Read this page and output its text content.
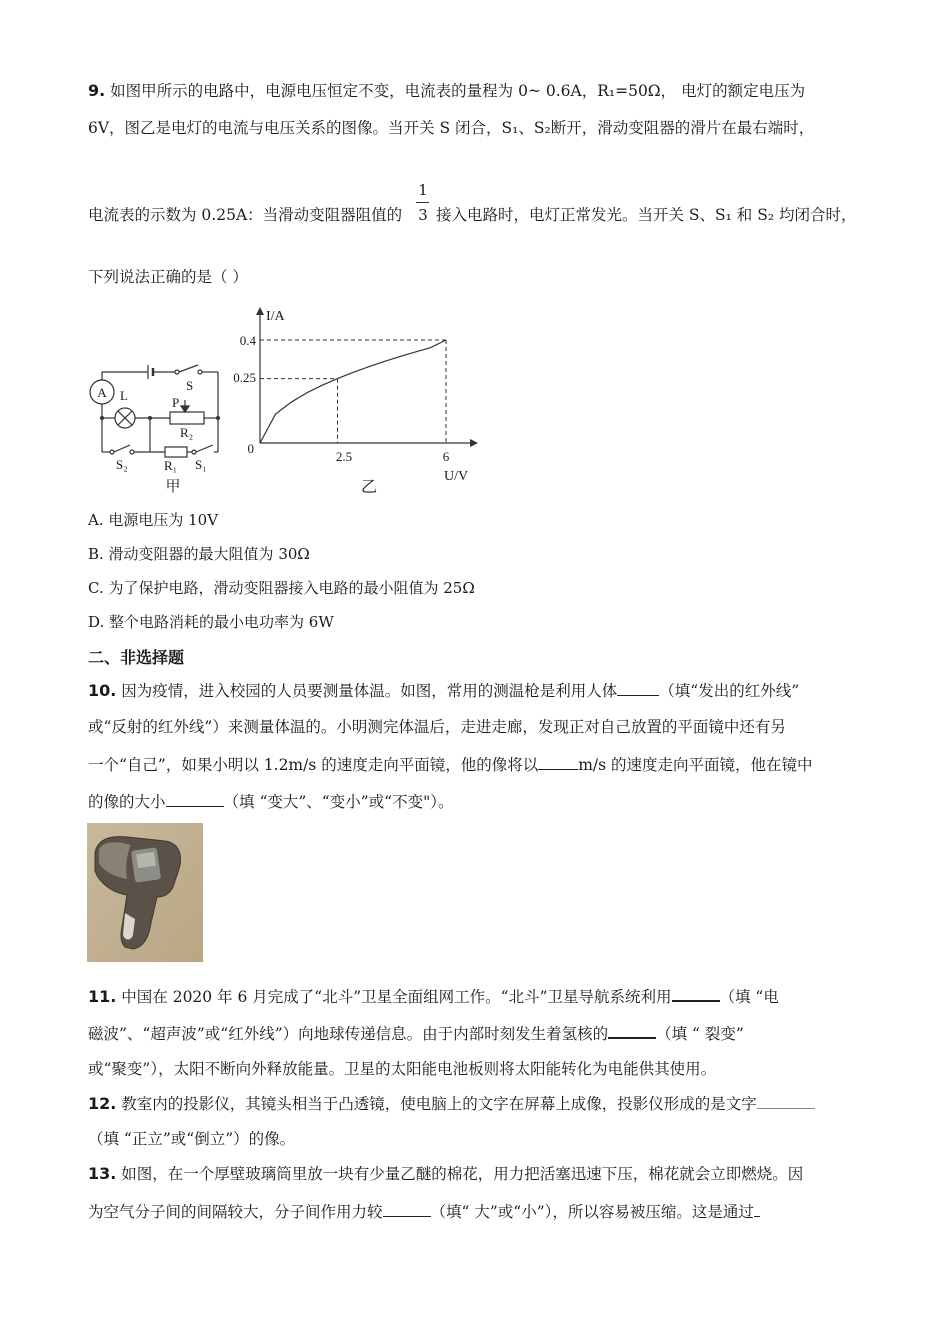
9. 如图甲所示的电路中，电源电压恒定不变，电流表的量程为 0~ 0.6A，R₁=50Ω， 电灯的额定电压为
6V，图乙是电灯的电流与电压关系的图像。当开关 S 闭合，S₁、S₂断开，滑动变阻器的滑片在最右端时，
1
3
电流表的示数为 0.25A：当滑动变阻器阻值的 接入电路时，电灯正常发光。当开关 S、S₁ 和 S₂ 均闭合时，
下列说法正确的是（ ）
A L
S
P
R₂
S₂	R₁ S₁
甲
I/A
U/V
0
2.5	6
0.25
0.4
乙
A. 电源电压为 10V
B. 滑动变阻器的最大阻值为 30Ω
C. 为了保护电路，滑动变阻器接入电路的最小阻值为 25Ω
D. 整个电路消耗的最小电功率为 6W
二、非选择题
10. 因为疫情，进入校园的人员要测量体温。如图，常用的测温枪是利用人体	（填“发出的红外线”
或“反射的红外线”）来测量体温的。小明测完体温后，走进走廊，发现正对自己放置的平面镜中还有另
一个“自己”，如果小明以 1.2m/s 的速度走向平面镜，他的像将以	m/s 的速度走向平面镜，他在镜中
的像的大小	（填 “变大”、“变小”或“不变"）。
11. 中国在 2020 年 6 月完成了“北斗”卫星全面组网工作。“北斗”卫星导航系统利用	（填 “电
磁波”、“超声波”或“红外线”）向地球传递信息。由于内部时刻发生着氢核的	（填 “ 裂变”
或“聚变”），太阳不断向外释放能量。卫星的太阳能电池板则将太阳能转化为电能供其使用。
12. 教室内的投影仪，其镜头相当于凸透镜，使电脑上的文字在屏幕上成像，投影仪形成的是文字
（填 “正立”或“倒立”）的像。
13. 如图，在一个厚壁玻璃筒里放一块有少量乙醚的棉花，用力把活塞迅速下压，棉花就会立即燃烧。因
为空气分子间的间隔较大，分子间作用力较	（填“ 大”或“小”），所以容易被压缩。这是通过
